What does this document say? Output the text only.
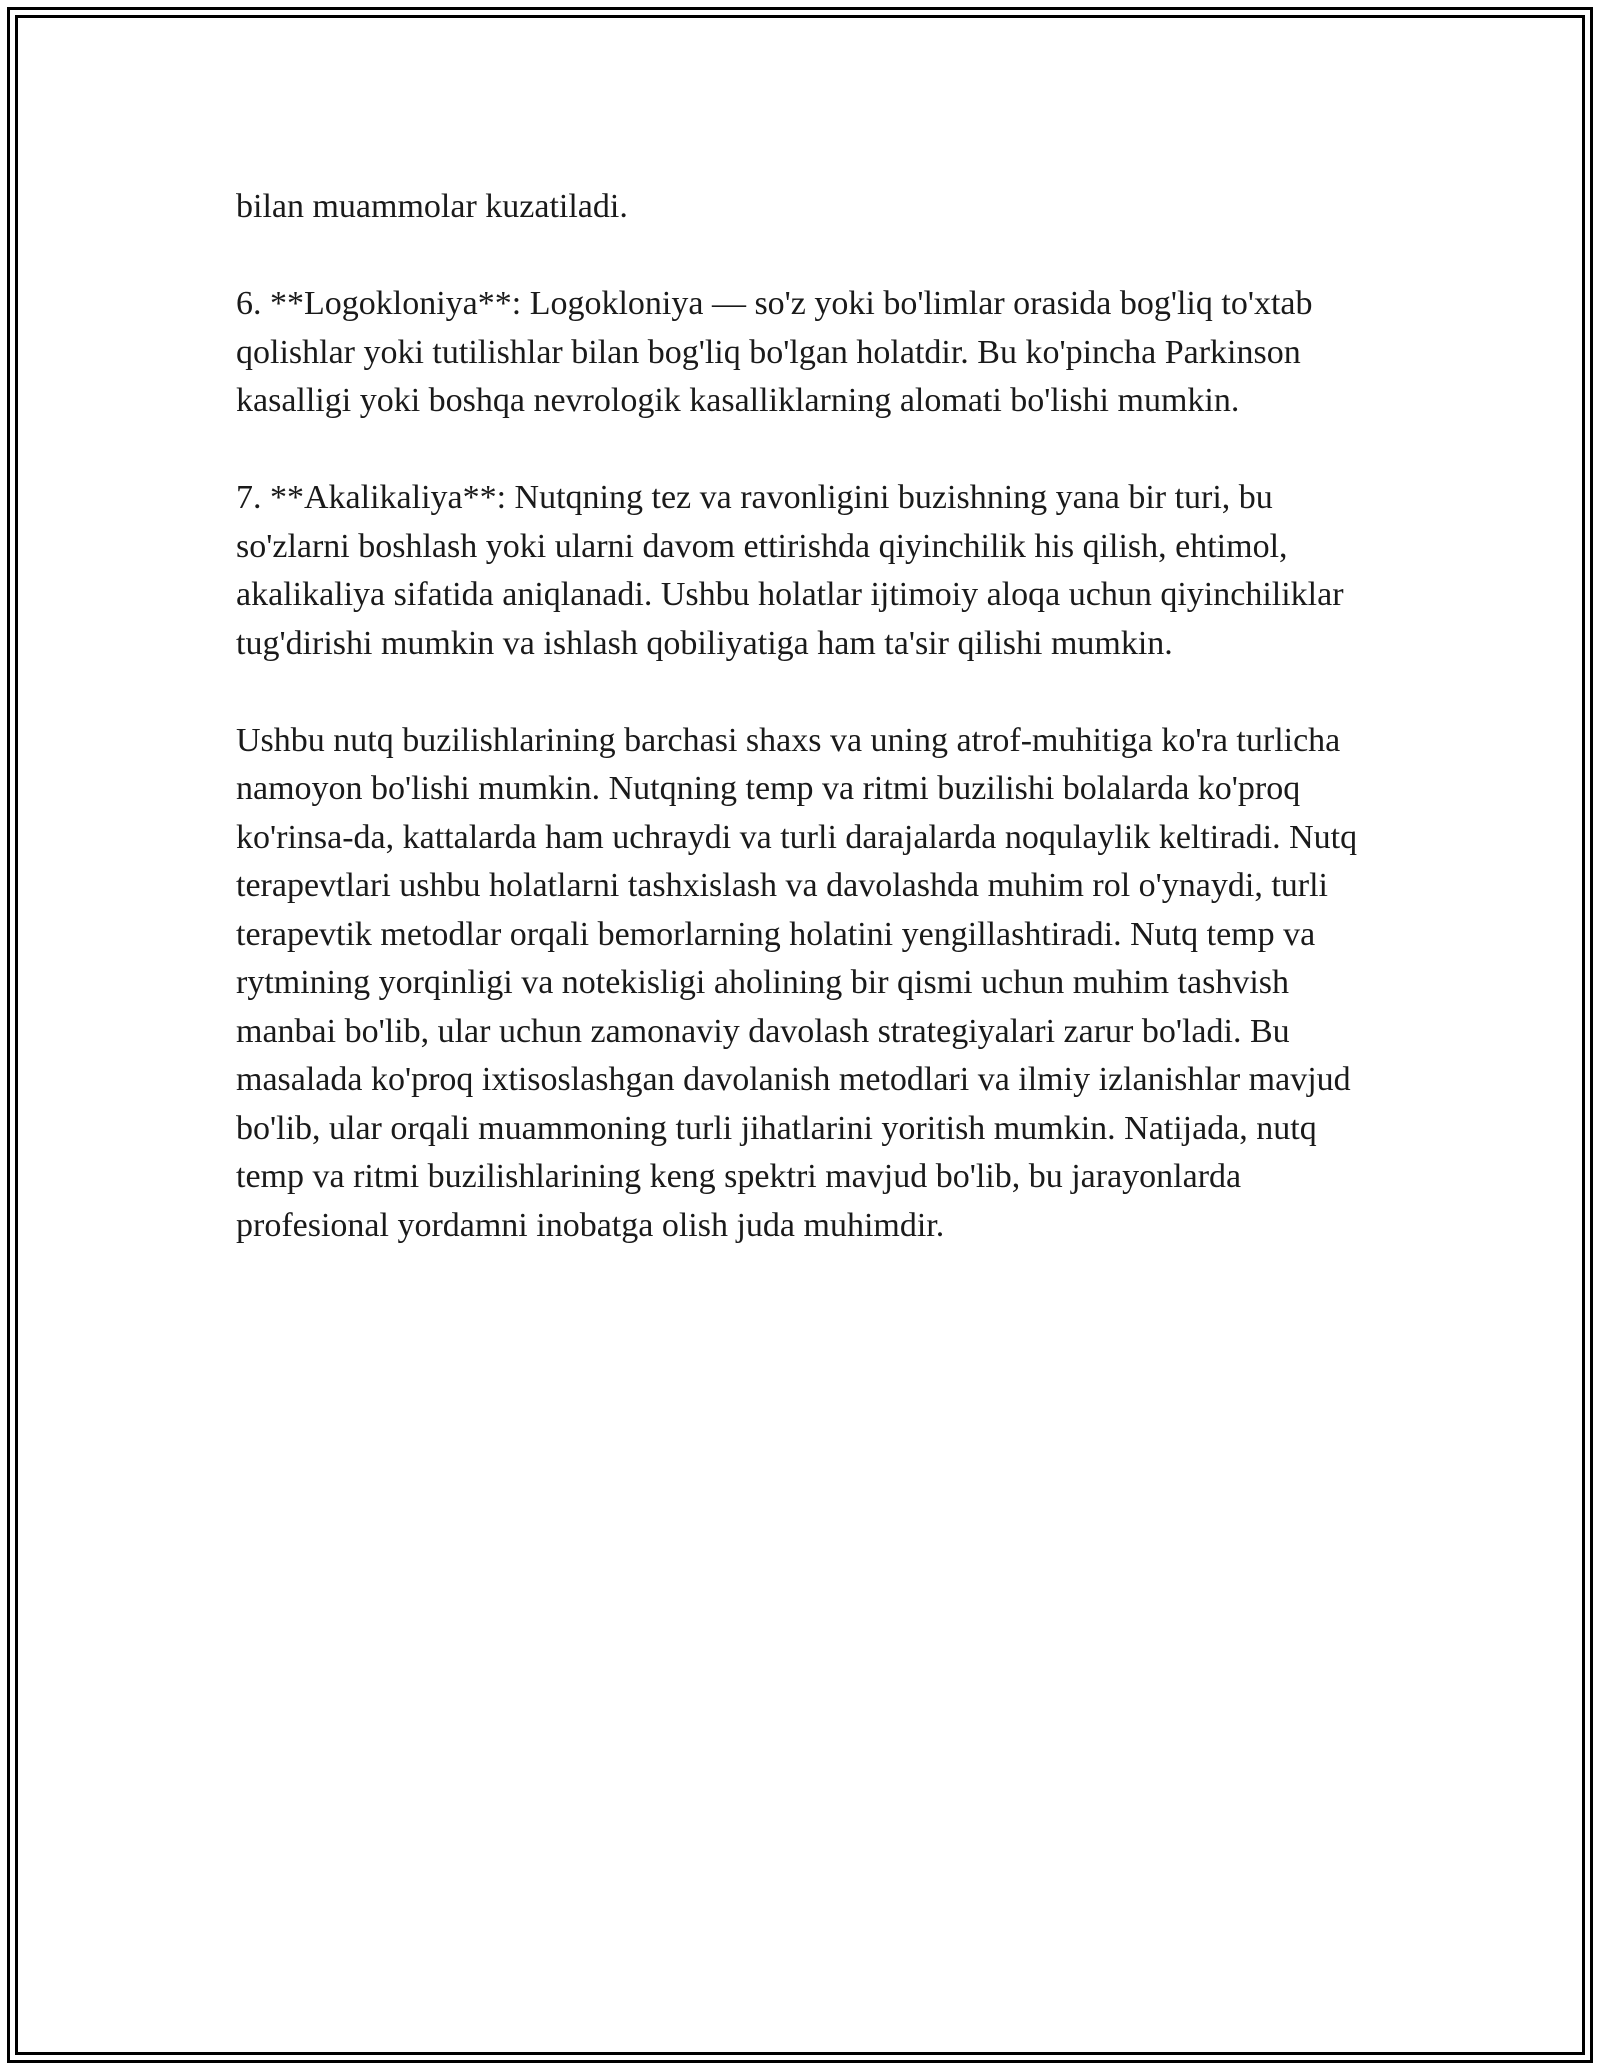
bilan muammolar kuzatiladi.

6. **Logokloniya**: Logokloniya — so'z yoki bo'limlar orasida bog'liq to'xtab qolishlar yoki tutilishlar bilan bog'liq bo'lgan holatdir. Bu ko'pincha Parkinson kasalligi yoki boshqa nevrologik kasalliklarning alomati bo'lishi mumkin.

7. **Akalikaliya**: Nutqning tez va ravonligini buzishning yana bir turi, bu so'zlarni boshlash yoki ularni davom ettirishda qiyinchilik his qilish, ehtimol, akalikaliya sifatida aniqlanadi. Ushbu holatlar ijtimoiy aloqa uchun qiyinchiliklar tug'dirishi mumkin va ishlash qobiliyatiga ham ta'sir qilishi mumkin.

Ushbu nutq buzilishlarining barchasi shaxs va uning atrof-muhitiga ko'ra turlicha namoyon bo'lishi mumkin. Nutqning temp va ritmi buzilishi bolalarda ko'proq ko'rinsa-da, kattalarda ham uchraydi va turli darajalarda noqulaylik keltiradi. Nutq terapevtlari ushbu holatlarni tashxislash va davolashda muhim rol o'ynaydi, turli terapevtik metodlar orqali bemorlarning holatini yengillashtiradi. Nutq temp va rytmining yorqinligi va notekisligi aholining bir qismi uchun muhim tashvish manbai bo'lib, ular uchun zamonaviy davolash strategiyalari zarur bo'ladi. Bu masalada ko'proq ixtisoslashgan davolanish metodlari va ilmiy izlanishlar mavjud bo'lib, ular orqali muammoning turli jihatlarini yoritish mumkin. Natijada, nutq temp va ritmi buzilishlarining keng spektri mavjud bo'lib, bu jarayonlarda profesional yordamni inobatga olish juda muhimdir.
